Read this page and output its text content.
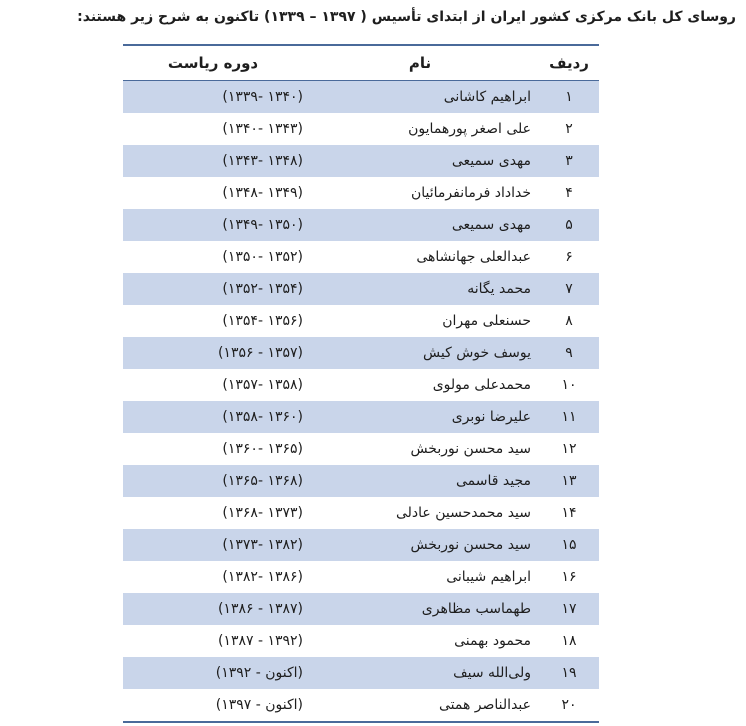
روسای کل بانک مرکزی کشور ایران از ابتدای تأسیس ( ۱۳۹۷ – ۱۳۳۹) تاکنون به شرح زیر هستند:
ردیف	نام	دوره ریاست
۱	ابراهیم کاشانی	(۱۳۴۰ -۱۳۳۹)
۲	علی اصغر پورهمایون	(۱۳۴۳ -۱۳۴۰)
۳	مهدی سمیعی	(۱۳۴۸ -۱۳۴۳)
۴	خداداد فرمانفرمائیان	(۱۳۴۹ -۱۳۴۸)
۵	مهدی سمیعی	(۱۳۵۰ -۱۳۴۹)
۶	عبدالعلی جهانشاهی	(۱۳۵۲ -۱۳۵۰)
۷	محمد یگانه	(۱۳۵۴ -۱۳۵۲)
۸	حسنعلی مهران	(۱۳۵۶ -۱۳۵۴)
۹	یوسف خوش کیش	(۱۳۵۷ - ۱۳۵۶)
۱۰	محمدعلی مولوی	(۱۳۵۸ -۱۳۵۷)
۱۱	علیرضا نوبری	(۱۳۶۰ -۱۳۵۸)
۱۲	سید محسن نوربخش	(۱۳۶۵ -۱۳۶۰)
۱۳	مجید قاسمی	(۱۳۶۸ -۱۳۶۵)
۱۴	سید محمدحسین عادلی	(۱۳۷۳ -۱۳۶۸)
۱۵	سید محسن نوربخش	(۱۳۸۲ -۱۳۷۳)
۱۶	ابراهیم شیبانی	(۱۳۸۶ -۱۳۸۲)
۱۷	طهماسب مظاهری	(۱۳۸۷ - ۱۳۸۶)
۱۸	محمود بهمنی	(۱۳۹۲ - ۱۳۸۷)
۱۹	ولی‌الله سیف	(اکنون - ۱۳۹۲)
۲۰	عبدالناصر همتی	(اکنون - ۱۳۹۷)
